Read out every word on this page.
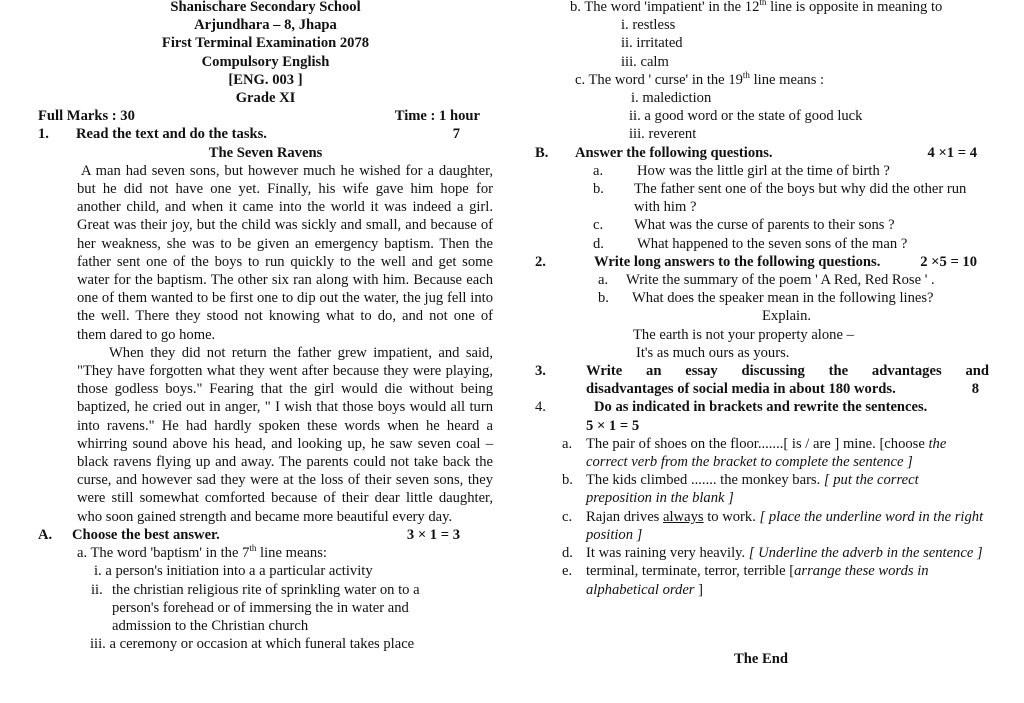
Shanischare Secondary School
Arjundhara – 8, Jhapa
First Terminal Examination 2078
Compulsory English
[ENG. 003 ]
Grade XI
Full Marks : 30	Time : 1 hour
1.	Read the text and do the tasks.	7
The Seven Ravens

A man had seven sons, but however much he wished for a daughter, but he did not have one yet. Finally, his wife gave him hope for another child, and when it came into the world it was indeed a girl. Great was their joy, but the child was sickly and small, and because of her weakness, she was to be given an emergency baptism. Then the father sent one of the boys to run quickly to the well and get some water for the baptism. The other six ran along with him. Because each one of them wanted to be first one to dip out the water, the jug fell into the well. There they stood not knowing what to do, and not one of them dared to go home.

When they did not return the father grew impatient, and said, "They have forgotten what they went after because they were playing, those godless boys." Fearing that the girl would die without being baptized, he cried out in anger, " I wish that those boys would all turn into ravens." He had hardly spoken these words when he heard a whirring sound above his head, and looking up, he saw seven coal – black ravens flying up and away. The parents could not take back the curse, and however sad they were at the loss of their seven sons, they were still somewhat comforted because of their dear little daughter, who soon gained strength and became more beautiful every day.

A.	Choose the best answer.	3 × 1 = 3
a. The word 'baptism' in the 7th line means:
i. a person's initiation into a a particular activity
ii. the christian religious rite of sprinkling water on to a person's forehead or of immersing the in water and admission to the Christian church
iii. a ceremony or occasion at which funeral takes place
b. The word 'impatient' in the 12th line is opposite in meaning to
i. restless
ii. irritated
iii. calm
c. The word ' curse' in the 19th line means :
i. malediction
ii. a good word or the state of good luck
iii. reverent
B.	Answer the following questions.	4 ×1 = 4
a.	How was the little girl at the time of birth ?
b.	The father sent one of the boys but why did the other run with him ?
c.	What was the curse of parents to their sons ?
d.	What happened to the seven sons of the man ?
2.	Write long answers to the following questions.	2 ×5 = 10
a.	Write the summary of the poem ' A Red, Red Rose ' .
b.	What does the speaker mean in the following lines?
Explain.
The earth is not your property alone –
It's as much ours as yours.
3.	Write an essay discussing the advantages and
disadvantages of social media in about 180 words.	8
4.	Do as indicated in brackets and rewrite the sentences.
5 × 1 = 5
a. The pair of shoes on the floor.......[ is / are ] mine. [choose the correct verb from the bracket to complete the sentence ]
b. The kids climbed ....... the monkey bars. [ put the correct preposition in the blank ]
c. Rajan drives always to work. [ place the underline word in the right position ]
d. It was raining very heavily. [ Underline the adverb in the sentence ]
e. terminal, terminate, terror, terrible [arrange these words in alphabetical order ]
The End
